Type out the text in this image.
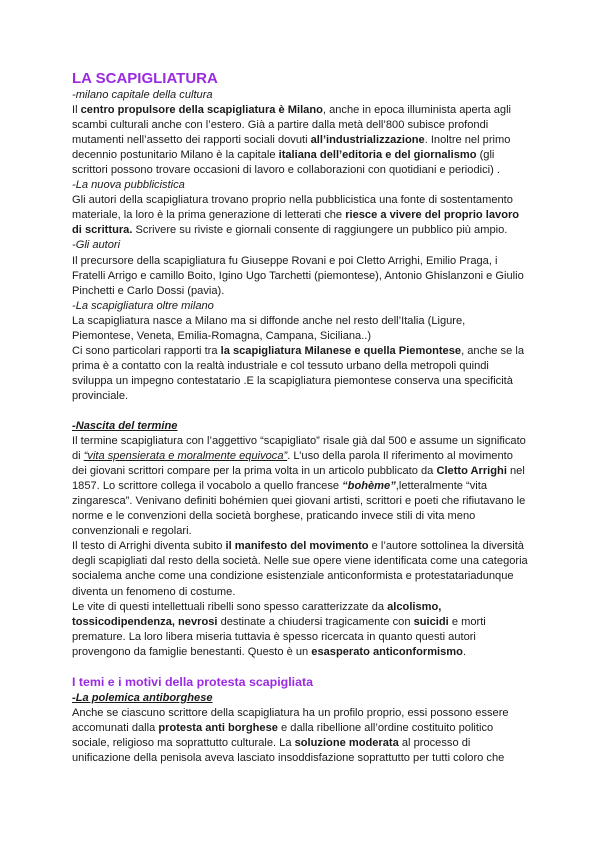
LA SCAPIGLIATURA
-milano capitale della cultura

Il centro propulsore della scapigliatura è Milano, anche in epoca illuminista aperta agli scambi culturali anche con l’estero. Già a partire dalla metà dell’800 subisce profondi mutamenti nell’assetto dei rapporti sociali dovuti all’industrializzazione. Inoltre nel primo decennio postunitario Milano è la capitale italiana dell’editoria e del giornalismo (gli scrittori possono trovare occasioni di lavoro e collaborazioni con quotidiani e periodici) .

-La nuova pubblicistica

Gli autori della scapigliatura trovano proprio nella pubblicistica una fonte di sostentamento materiale, la loro è la prima generazione di letterati che riesce a vivere del proprio lavoro di scrittura. Scrivere su riviste e giornali consente di raggiungere un pubblico più ampio.

-Gli autori

Il precursore della scapigliatura fu Giuseppe Rovani e poi Cletto Arrighi, Emilio Praga, i Fratelli Arrigo e camillo Boito, Igino Ugo Tarchetti (piemontese), Antonio Ghislanzoni e Giulio Pinchetti e Carlo Dossi (pavia).

-La scapigliatura oltre milano

La scapigliatura nasce a Milano ma si diffonde anche nel resto dell’Italia (Ligure, Piemontese, Veneta, Emilia-Romagna, Campana, Siciliana..)

Ci sono particolari rapporti tra la scapigliatura Milanese e quella Piemontese, anche se la prima è a contatto con la realtà industriale e col tessuto urbano della metropoli quindi sviluppa un impegno contestatario .E la scapigliatura piemontese conserva una specificità provinciale.

-Nascita del termine

Il termine scapigliatura con l’aggettivo “scapigliato” risale già dal 500 e assume un significato di “vita spensierata e moralmente equivoca”. L’uso della parola Il riferimento al movimento dei giovani scrittori compare per la prima volta in un articolo pubblicato da Cletto Arrighi nel 1857. Lo scrittore collega il vocabolo a quello francese “bohème”,letteralmente “vita zingaresca”. Venivano definiti bohémien quei giovani artisti, scrittori e poeti che rifiutavano le norme e le convenzioni della società borghese, praticando invece stili di vita meno convenzionali e regolari.

Il testo di Arrighi diventa subito il manifesto del movimento e l’autore sottolinea la diversità degli scapigliati dal resto della società. Nelle sue opere viene identificata come una categoria socialema anche come una condizione esistenziale anticonformista e protestatariadunque diventa un fenomeno di costume.

Le vite di questi intellettuali ribelli sono spesso caratterizzate da alcolismo, tossicodipendenza, nevrosi destinate a chiudersi tragicamente con suicidi e morti premature. La loro libera miseria tuttavia è spesso ricercata in quanto questi autori provengono da famiglie benestanti. Questo è un esasperato anticonformismo.

I temi e i motivi della protesta scapigliata
-La polemica antiborghese

Anche se ciascuno scrittore della scapigliatura ha un profilo proprio, essi possono essere accomunati dalla protesta anti borghese e dalla ribellione all’ordine costituito politico sociale, religioso ma soprattutto culturale. La soluzione moderata al processo di unificazione della penisola aveva lasciato insoddisfazione soprattutto per tutti coloro che
